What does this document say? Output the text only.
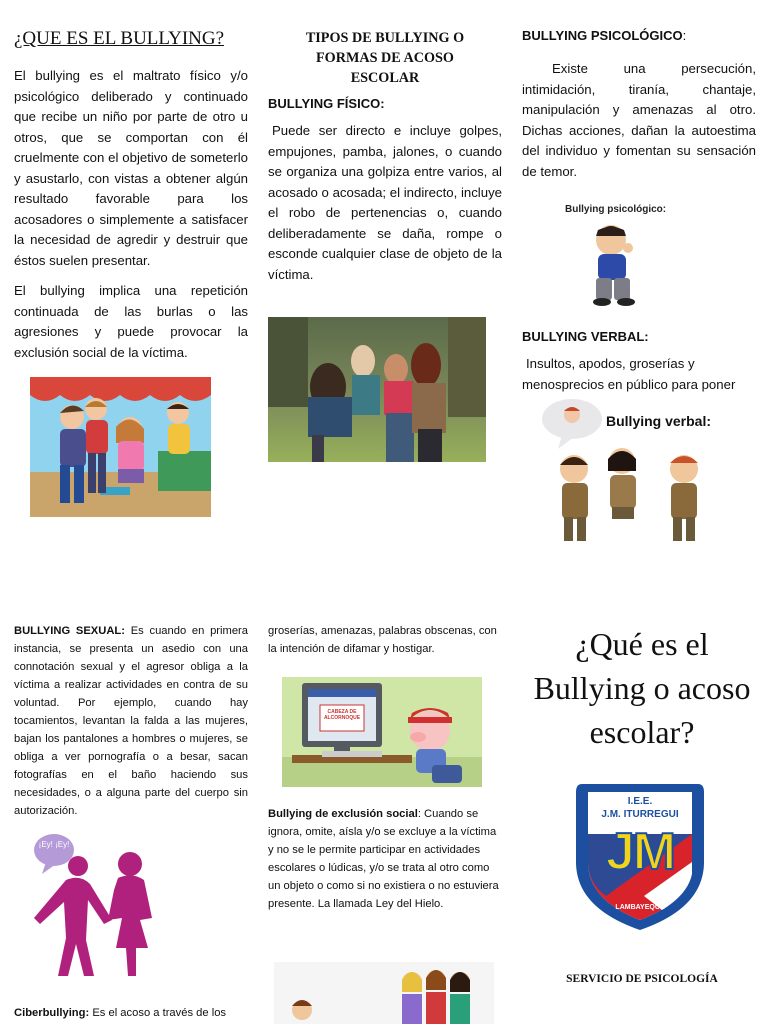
¿QUE ES EL BULLYING?

El bullying es el maltrato físico y/o psicológico deliberado y continuado que recibe un niño por parte de otro u otros, que se comportan con él cruelmente con el objetivo de someterlo y asustarlo, con vistas a obtener algún resultado favorable para los acosadores o simplemente a satisfacer la necesidad de agredir y destruir que éstos suelen presentar.

El bullying implica una repetición continuada de las burlas o las agresiones y puede provocar la exclusión social de la víctima.

TIPOS DE BULLYING O FORMAS DE ACOSO ESCOLAR
BULLYING FÍSICO:

Puede ser directo e incluye golpes, empujones, pamba, jalones, o cuando se organiza una golpiza entre varios, al acosado o acosada; el indirecto, incluye el robo de pertenencias o, cuando deliberadamente se daña, rompe o esconde cualquier clase de objeto de la víctima.

BULLYING PSICOLÓGICO:

Existe una persecución, intimidación, tiranía, chantaje, manipulación y amenazas al otro. Dichas acciones, dañan la autoestima del individuo y fomentan su sensación de temor.

Bullying psicológico:
BULLYING VERBAL:

Insultos, apodos, groserías y menosprecios en público para poner

Bullying verbal:

BULLYING SEXUAL: Es cuando en primera instancia, se presenta un asedio con una connotación sexual y el agresor obliga a la víctima a realizar actividades en contra de su voluntad. Por ejemplo, cuando hay tocamientos, levantan la falda a las mujeres, bajan los pantalones a hombres o mujeres, se obliga a ver pornografía o a besar, sacan fotografías en el baño haciendo sus necesidades, o a alguna parte del cuerpo sin autorización.

¡Ey! ¡Ey!

Ciberbullying: Es el acoso a través de los

groserías, amenazas, palabras obscenas, con la intención de difamar y hostigar.

CABEZA DE ALCORNOQUE

Bullying de exclusión social: Cuando se ignora, omite, aísla y/o se excluye a la víctima y no se le permite participar en actividades escolares o lúdicas, y/o se trata al otro como un objeto o como si no existiera o no estuviera presente. La llamada Ley del Hielo.

¿Qué es el Bullying o acoso escolar?
I.E.E.
J.M. ITURREGUI
JM
LAMBAYEQUE
SERVICIO DE PSICOLOGÍA
